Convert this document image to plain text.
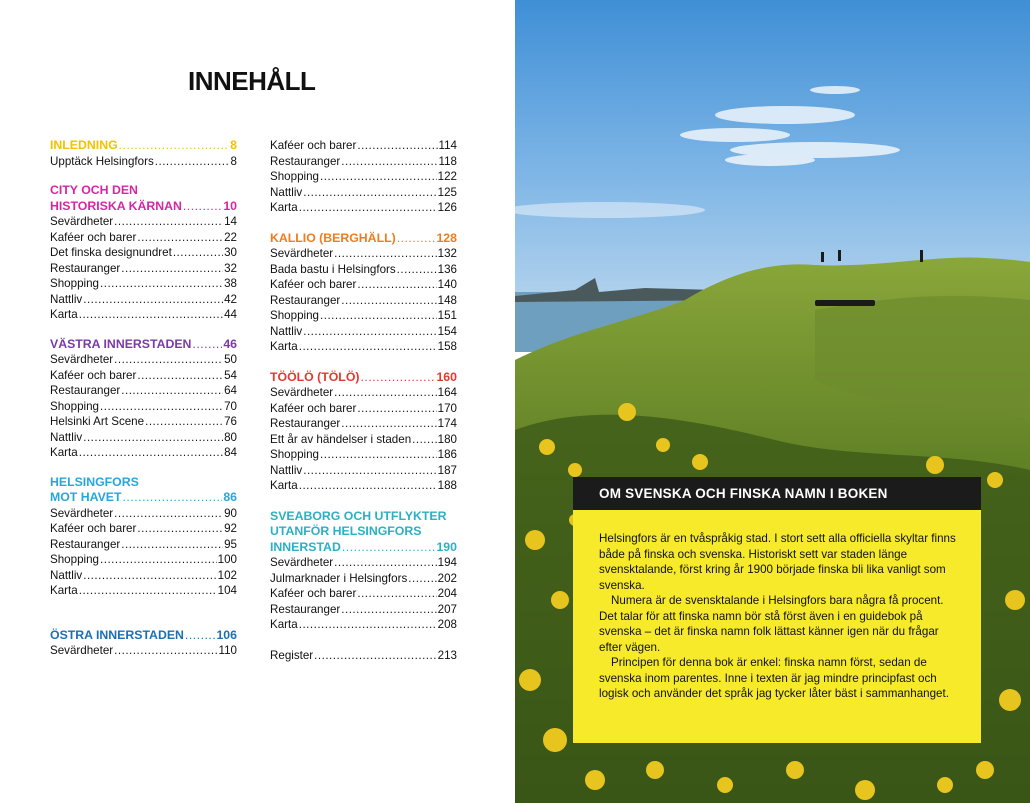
INNEHÅLL
INLEDNING .....	8
Upptäck Helsingfors .....	8
CITY OCH DEN
HISTORISKA KÄRNAN .....	10
Sevärdheter .....	14
Kaféer och barer .....	22
Det finska designundret .....	30
Restauranger .....	32
Shopping .....	38
Nattliv .....	42
Karta .....	44
VÄSTRA INNERSTADEN .....	46
Sevärdheter .....	50
Kaféer och barer .....	54
Restauranger .....	64
Shopping .....	70
Helsinki Art Scene .....	76
Nattliv .....	80
Karta .....	84
HELSINGFORS
MOT HAVET .....	86
Sevärdheter .....	90
Kaféer och barer .....	92
Restauranger .....	95
Shopping .....	100
Nattliv .....	102
Karta .....	104
ÖSTRA INNERSTADEN .....	106
Sevärdheter .....	110
Kaféer och barer .....	114
Restauranger .....	118
Shopping .....	122
Nattliv .....	125
Karta .....	126
KALLIO (BERGHÄLL) .....	128
Sevärdheter .....	132
Bada bastu i Helsingfors .....	136
Kaféer och barer .....	140
Restauranger .....	148
Shopping .....	151
Nattliv .....	154
Karta .....	158
TÖÖLÖ (TÖLÖ) .....	160
Sevärdheter .....	164
Kaféer och barer .....	170
Restauranger .....	174
Ett år av händelser i staden ..... 180
Shopping .....	186
Nattliv .....	187
Karta .....	188
SVEABORG OCH UTFLYKTER
UTANFÖR HELSINGFORS
INNERSTAD .....	190
Sevärdheter .....	194
Julmarknader i Helsingfors .....	202
Kaféer och barer .....	204
Restauranger .....	207
Karta .....	208
Register .....	213
OM SVENSKA OCH FINSKA NAMN I BOKEN

Helsingfors är en tvåspråkig stad. I stort sett alla officiella skyltar finns både på finska och svenska. Historiskt sett var staden länge svensktalande, först kring år 1900 började finska bli lika vanligt som svenska.

Numera är de svensktalande i Helsingfors bara några få procent. Det talar för att finska namn bör stå först även i en guidebok på svenska – det är finska namn folk lättast känner igen när du frågar efter vägen.

Principen för denna bok är enkel: finska namn först, sedan de svenska inom parentes. Inne i texten är jag mindre principfast och logisk och använder det språk jag tycker låter bäst i sammanhanget.
